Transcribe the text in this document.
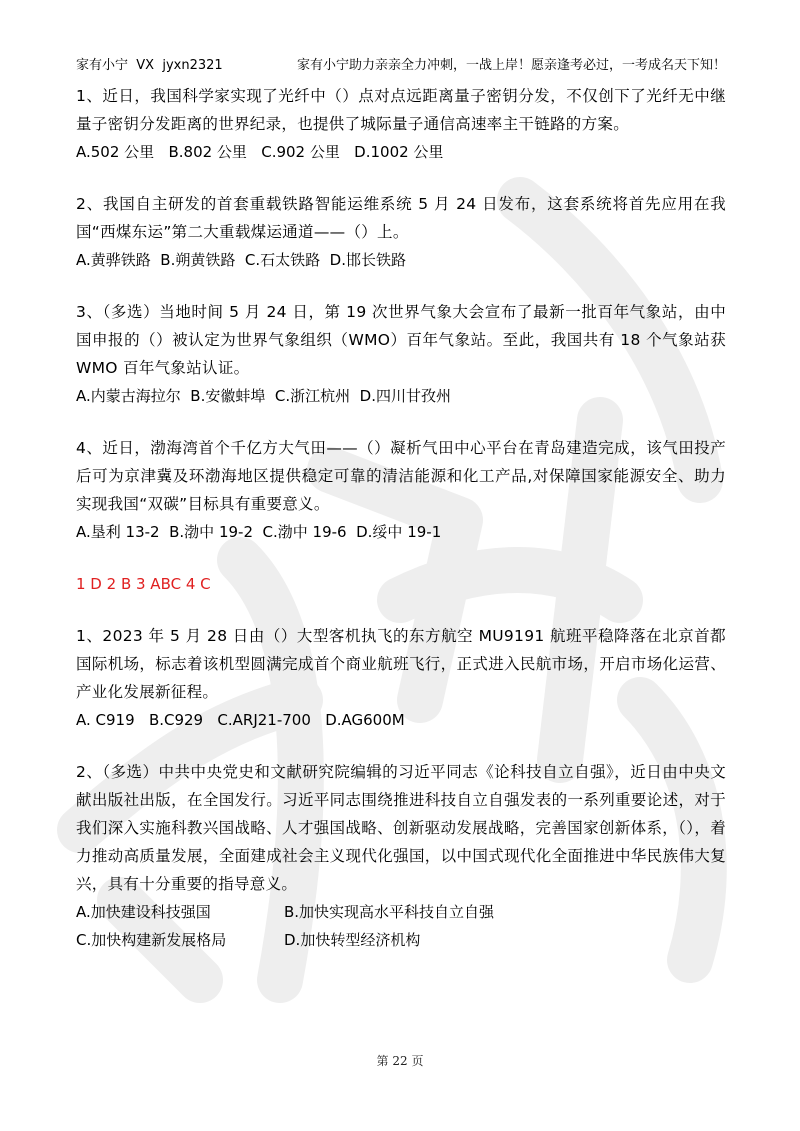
家有小宁  VX  jyxn2321	家有小宁助力亲亲全力冲刺，一战上岸！愿亲逢考必过，一考成名天下知！

1、近日，我国科学家实现了光纤中（）点对点远距离量子密钥分发，不仅创下了光纤无中继量子密钥分发距离的世界纪录，也提供了城际量子通信高速率主干链路的方案。

A.502 公里   B.802 公里   C.902 公里   D.1002 公里

2、我国自主研发的首套重载铁路智能运维系统 5 月 24 日发布，这套系统将首先应用在我国“西煤东运”第二大重载煤运通道——（）上。

A.黄骅铁路  B.朔黄铁路  C.石太铁路  D.邯长铁路

3、（多选）当地时间 5 月 24 日，第 19 次世界气象大会宣布了最新一批百年气象站，由中国申报的（）被认定为世界气象组织（WMO）百年气象站。至此，我国共有 18 个气象站获 WMO 百年气象站认证。

A.内蒙古海拉尔  B.安徽蚌埠  C.浙江杭州  D.四川甘孜州

4、近日，渤海湾首个千亿方大气田——（）凝析气田中心平台在青岛建造完成，该气田投产后可为京津冀及环渤海地区提供稳定可靠的清洁能源和化工产品,对保障国家能源安全、助力实现我国“双碳”目标具有重要意义。

A.垦利 13-2  B.渤中 19-2  C.渤中 19-6  D.绥中 19-1

1 D 2 B 3 ABC 4 C

1、2023 年 5 月 28 日由（）大型客机执飞的东方航空 MU9191 航班平稳降落在北京首都国际机场，标志着该机型圆满完成首个商业航班飞行，正式进入民航市场，开启市场化运营、产业化发展新征程。

A. C919   B.C929   C.ARJ21-700   D.AG600M

2、（多选）中共中央党史和文献研究院编辑的习近平同志《论科技自立自强》，近日由中央文献出版社出版，在全国发行。习近平同志围绕推进科技自立自强发表的一系列重要论述，对于我们深入实施科教兴国战略、人才强国战略、创新驱动发展战略，完善国家创新体系，（），着力推动高质量发展，全面建成社会主义现代化强国，以中国式现代化全面推进中华民族伟大复兴，具有十分重要的指导意义。

A.加快建设科技强国	B.加快实现高水平科技自立自强
C.加快构建新发展格局	D.加快转型经济机构
第 22 页
